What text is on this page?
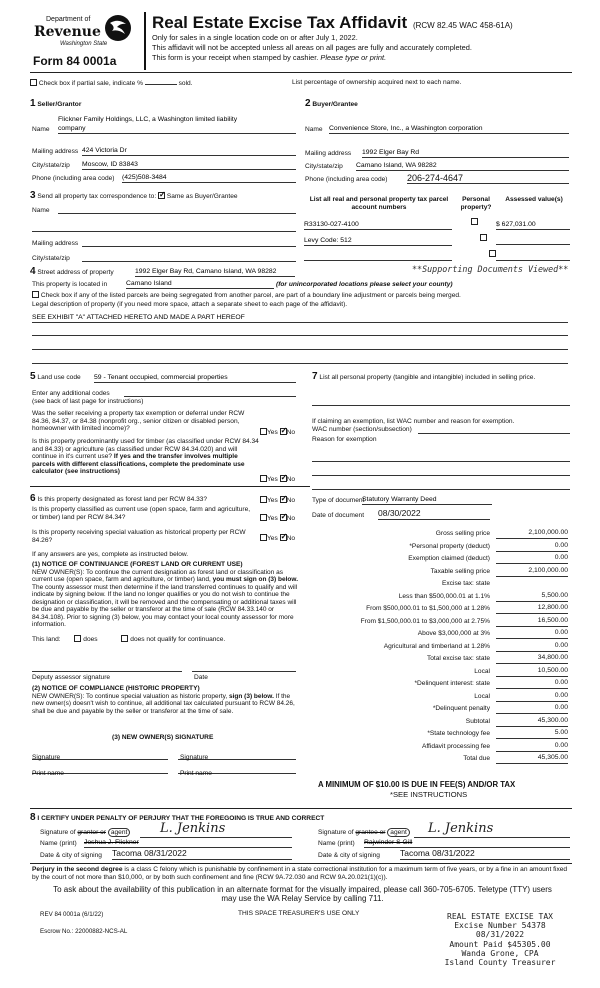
Department of
Revenue
Washington State
Form 84 0001a
Real Estate Excise Tax Affidavit (RCW 82.45 WAC 458-61A)
Only for sales in a single location code on or after July 1, 2022.
This affidavit will not be accepted unless all areas on all pages are fully and accurately completed.
This form is your receipt when stamped by cashier. Please type or print.
Check box if partial sale, indicate %	sold.	List percentage of ownership acquired next to each name.
1 Seller/Grantor
Flickner Family Holdings, LLC, a Washington limited liability
Name company
Mailing address 424 Victoria Dr
City/state/zip Moscow, ID 83843
Phone (including area code) (425)508-3484
2 Buyer/Grantee
Name Convenience Store, Inc., a Washington corporation
Mailing address 1992 Elger Bay Rd
City/state/zip Camano Island, WA 98282
Phone (including area code) 206-274-4647
3 Send all property tax correspondence to: ✓ Same as Buyer/Grantee
Name
Mailing address
City/state/zip
List all real and personal property tax parcel account numbers
Personal property?
Assessed value(s)
R33130-027-4100
	$ 627,031.00
Levy Code: 512

4 Street address of property	1992 Elger Bay Rd, Camano Island, WA 98282	**Supporting Documents Viewed**
This property is located in	Camano Island	(for unincorporated locations please select your county)
Check box if any of the listed parcels are being segregated from another parcel, are part of a boundary line adjustment or parcels being merged.
Legal description of property (if you need more space, attach a separate sheet to each page of the affidavit).
SEE EXHIBIT "A" ATTACHED HERETO AND MADE A PART HEREOF
5 Land use code 59 - Tenant occupied, commercial properties
Enter any additional codes
(see back of last page for instructions)
Was the seller receiving a property tax exemption or deferral under RCW 84.36, 84.37, or 84.38 (nonprofit org., senior citizen or disabled person, homeowner with limited income)?
Yes ✓ No
Is this property predominantly used for timber (as classified under RCW 84.34 and 84.33) or agriculture (as classified under RCW 84.34.020) and will continue in it's current use? If yes and the transfer involves multiple parcels with different classifications, complete the predominate use calculator (see instructions)
Yes ✓ No
6 Is this property designated as forest land per RCW 84.33?	Yes ✓ No
Is this property classified as current use (open space, farm and agriculture, or timber) land per RCW 84.34?	Yes ✓ No
Is this property receiving special valuation as historical property per RCW 84.26?	Yes ✓ No
If any answers are yes, complete as instructed below.
(1) NOTICE OF CONTINUANCE (FOREST LAND OR CURRENT USE)
NEW OWNER(S): To continue the current designation as forest land or classification as current use (open space, farm and agriculture, or timber) land, you must sign on (3) below. The county assessor must then determine if the land transferred continues to qualify and will indicate by signing below. If the land no longer qualifies or you do not wish to continue the designation or classification, it will be removed and the compensating or additional taxes will be due and payable by the seller or transferor at the time of sale (RCW 84.33.140 or 84.34.108). Prior to signing (3) below, you may contact your local county assessor for more information.
This land:	does	does not qualify for continuance.
Deputy assessor signature	Date
(2) NOTICE OF COMPLIANCE (HISTORIC PROPERTY)
NEW OWNER(S): To continue special valuation as historic property, sign (3) below. If the new owner(s) doesn't wish to continue, all additional tax calculated pursuant to RCW 84.26, shall be due and payable by the seller or transferor at the time of sale.
(3) NEW OWNER(S) SIGNATURE
Signature	Signature
Print name	Print name
7 List all personal property (tangible and intangible) included in selling price.
If claiming an exemption, list WAC number and reason for exemption.
WAC number (section/subsection)
Reason for exemption
Type of document
Statutory Warranty Deed
Date of document 08/30/2022
Gross selling price	2,100,000.00
*Personal property (deduct)	0.00
Exemption claimed (deduct)	0.00
Taxable selling price	2,100,000.00
Excise tax: state
Less than $500,000.01 at 1.1%	5,500.00
From $500,000.01 to $1,500,000 at 1.28%	12,800.00
From $1,500,000.01 to $3,000,000 at 2.75%	16,500.00
Above $3,000,000 at 3%	0.00
Agricultural and timberland at 1.28%	0.00
Total excise tax: state	34,800.00
Local	10,500.00
*Delinquent interest: state	0.00
Local	0.00
*Delinquent penalty	0.00
Subtotal	45,300.00
*State technology fee	5.00
Affidavit processing fee	0.00
Total due	45,305.00
A MINIMUM OF $10.00 IS DUE IN FEE(S) AND/OR TAX
*SEE INSTRUCTIONS
8 I CERTIFY UNDER PENALTY OF PERJURY THAT THE FOREGOING IS TRUE AND CORRECT
Signature of grantor or agent	L. Jenkins
Name (print) Joshua J. Flickner
Date & city of signing Tacoma 08/31/2022
Signature of grantee or agent	L. Jenkins
Name (print) Rajwinder S Gill
Date & city of signing Tacoma 08/31/2022
Perjury in the second degree is a class C felony which is punishable by confinement in a state correctional institution for a maximum term of five years, or by a fine in an amount fixed by the court of not more than $10,000, or by both such confinement and fine (RCW 9A.72.030 and RCW 9A.20.021(1)(c)).
To ask about the availability of this publication in an alternate format for the visually impaired, please call 360-705-6705. Teletype (TTY) users may use the WA Relay Service by calling 711.
REV 84 0001a (6/1/22)	THIS SPACE TREASURER'S USE ONLY
Escrow No.: 22000882-NCS-AL
REAL ESTATE EXCISE TAX
Excise Number 54378
08/31/2022
Amount Paid $45305.00
Wanda Grone, CPA
Island County Treasurer
